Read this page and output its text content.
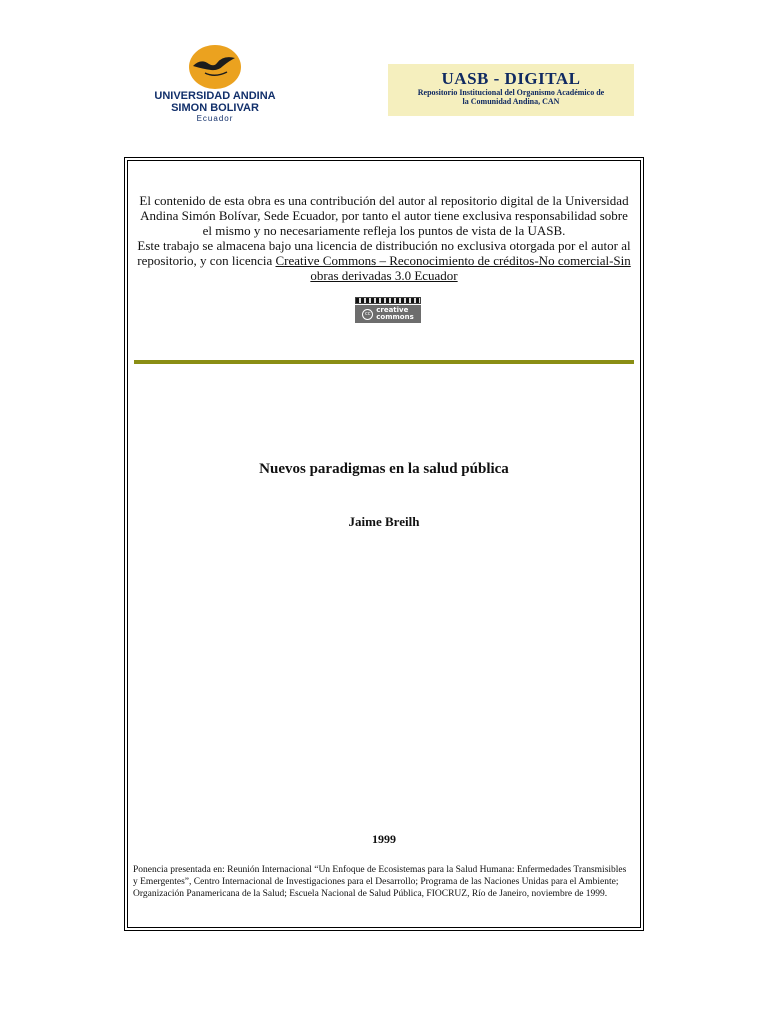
UNIVERSIDAD ANDINA
SIMON BOLIVAR
Ecuador
UASB - DIGITAL
Repositorio Institucional del Organismo Académico de
la Comunidad Andina, CAN

El contenido de esta obra es una contribución del autor al repositorio digital de la Universidad Andina Simón Bolívar, Sede Ecuador, por tanto el autor tiene exclusiva responsabilidad sobre el mismo y no necesariamente refleja los puntos de vista de la UASB.

Este trabajo se almacena bajo una licencia de distribución no exclusiva otorgada por el autor al repositorio, y con licencia Creative Commons – Reconocimiento de créditos-No comercial-Sin obras derivadas 3.0 Ecuador

cc creative
commons
Nuevos paradigmas en la salud pública
Jaime Breilh
1999
Ponencia presentada en: Reunión Internacional “Un Enfoque de Ecosistemas para la Salud Humana: Enfermedades Transmisibles y Emergentes”, Centro Internacional de Investigaciones para el Desarrollo; Programa de las Naciones Unidas para el Ambiente; Organización Panamericana de la Salud; Escuela Nacional de Salud Pública, FIOCRUZ, Río de Janeiro, noviembre de 1999.
